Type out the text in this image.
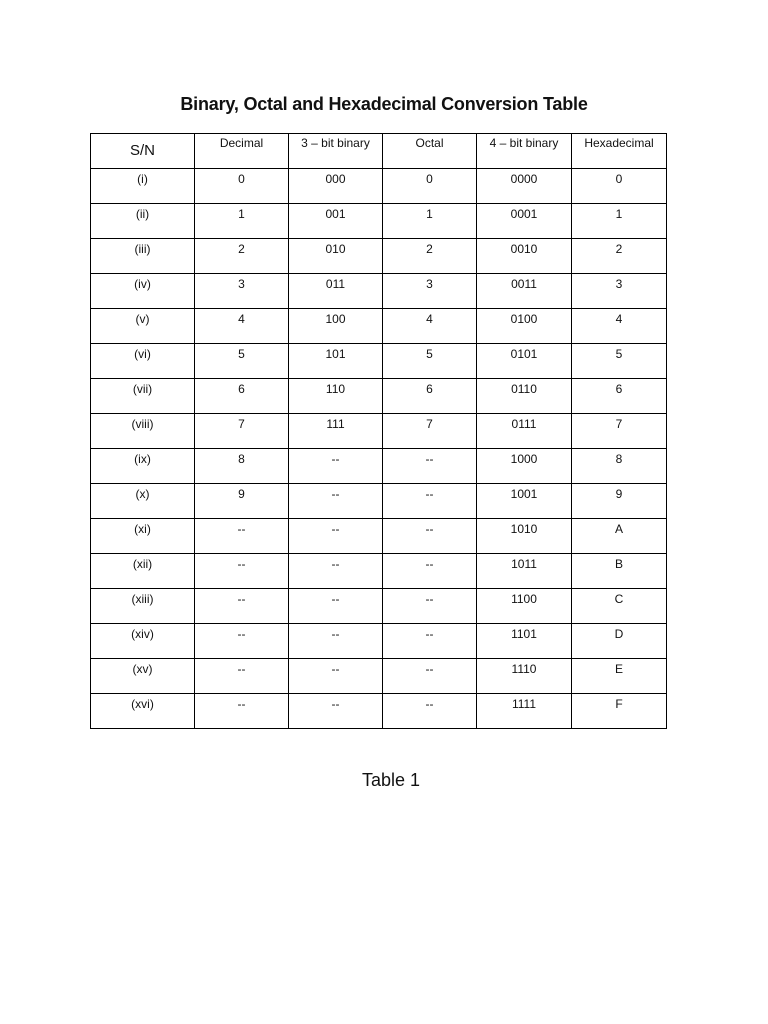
Binary, Octal and Hexadecimal Conversion Table
S/N	Decimal	3 – bit binary	Octal	4 – bit binary	Hexadecimal
(i)	0	000	0	0000	0
(ii)	1	001	1	0001	1
(iii)	2	010	2	0010	2
(iv)	3	011	3	0011	3
(v)	4	100	4	0100	4
(vi)	5	101	5	0101	5
(vii)	6	110	6	0110	6
(viii)	7	111	7	0111	7
(ix)	8	--	--	1000	8
(x)	9	--	--	1001	9
(xi)	--	--	--	1010	A
(xii)	--	--	--	1011	B
(xiii)	--	--	--	1100	C
(xiv)	--	--	--	1101	D
(xv)	--	--	--	1110	E
(xvi)	--	--	--	1111	F
Table 1
